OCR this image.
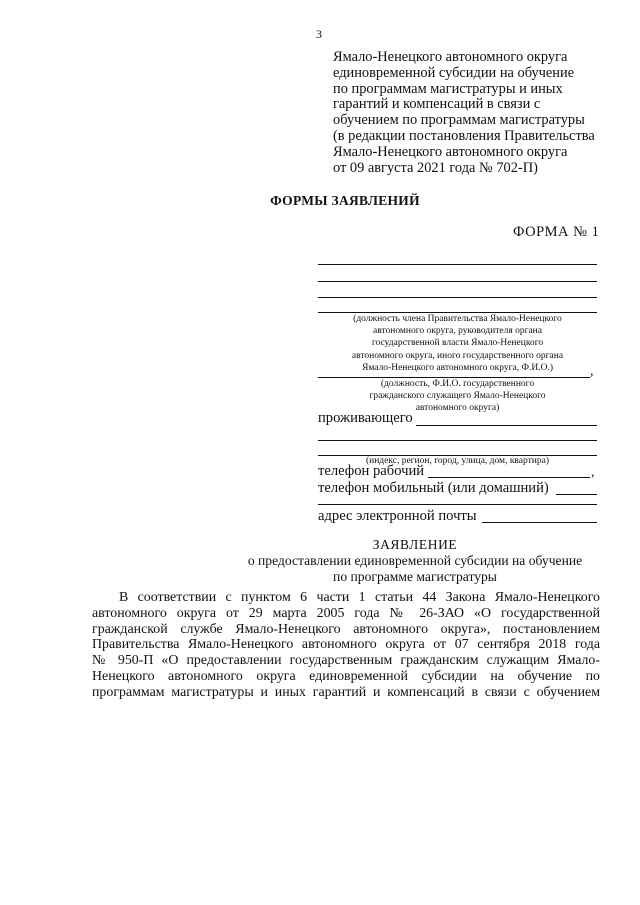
3
Ямало-Ненецкого автономного округа
единовременной субсидии на обучение
по программам магистратуры и иных
гарантий и компенсаций в связи с
обучением по программам магистратуры
(в редакции постановления Правительства
Ямало-Ненецкого автономного округа
от 09 августа 2021 года № 702-П)
ФОРМЫ ЗАЯВЛЕНИЙ
ФОРМА № 1
(должность члена Правительства Ямало-Ненецкого
автономного округа, руководителя органа
государственной власти Ямало-Ненецкого
автономного округа, иного государственного органа
Ямало-Ненецкого автономного округа, Ф.И.О.)	,
(должность, Ф.И.О. государственного
гражданского служащего Ямало-Ненецкого
автономного округа)
проживающего
(индекс, регион, город, улица, дом, квартира)
телефон рабочий	,
телефон мобильный (или домашний)
адрес электронной почты
ЗАЯВЛЕНИЕ
о предоставлении единовременной субсидии на обучение
по программе магистратуры
В соответствии с пунктом 6 части 1 статьи 44 Закона Ямало-Ненецкого
автономного округа от 29 марта 2005 года № 26-ЗАО «О государственной
гражданской службе Ямало-Ненецкого автономного округа», постановлением
Правительства Ямало-Ненецкого автономного округа от 07 сентября 2018 года
№ 950-П «О предоставлении государственным гражданским служащим Ямало-
Ненецкого автономного округа единовременной субсидии на обучение по
программам магистратуры и иных гарантий и компенсаций в связи с обучением
